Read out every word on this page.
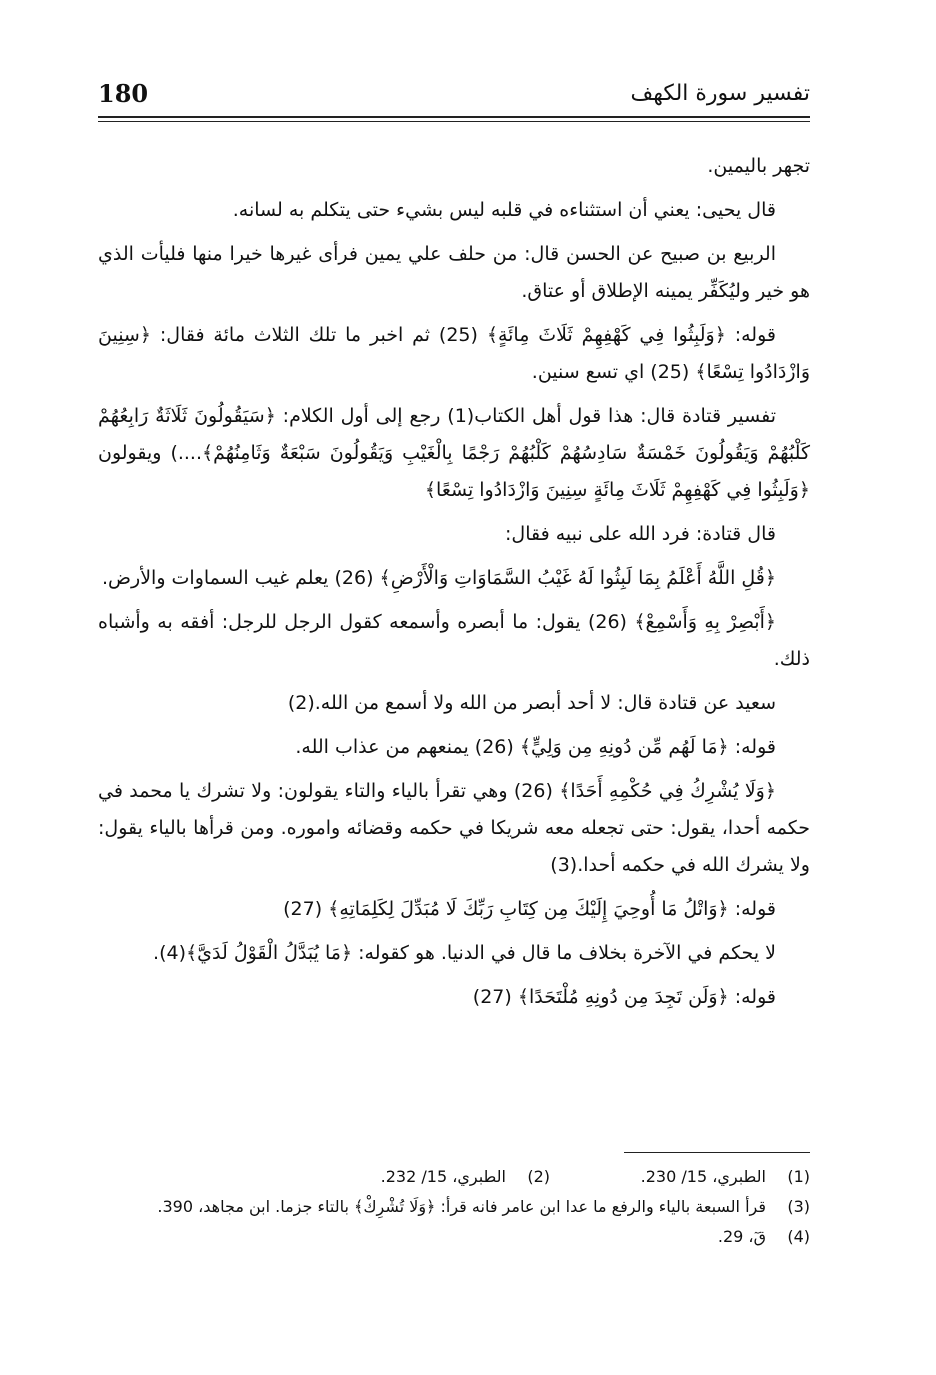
تفسير سورة الكهف
180

تجهر باليمين.

قال يحيى: يعني أن استثناءه في قلبه ليس بشيء حتى يتكلم به لسانه.

الربيع بن صبيح عن الحسن قال: من حلف علي يمين فرأى غيرها خيرا منها فليأت الذي هو خير وليُكَفِّر يمينه الإطلاق أو عتاق.

قوله: ﴿وَلَبِثُوا فِي كَهْفِهِمْ ثَلَاثَ مِائَةٍ﴾ (25) ثم اخبر ما تلك الثلاث مائة فقال: ﴿سِنِينَ وَازْدَادُوا تِسْعًا﴾ (25) اي تسع سنين.

تفسير قتادة قال: هذا قول أهل الكتاب(1) رجع إلى أول الكلام: ﴿سَيَقُولُونَ ثَلَاثَةٌ رَابِعُهُمْ كَلْبُهُمْ وَيَقُولُونَ خَمْسَةٌ سَادِسُهُمْ كَلْبُهُمْ رَجْمًا بِالْغَيْبِ وَيَقُولُونَ سَبْعَةٌ وَثَامِنُهُمْ﴾....) ويقولون ﴿وَلَبِثُوا فِي كَهْفِهِمْ ثَلَاثَ مِائَةٍ سِنِينَ وَازْدَادُوا تِسْعًا﴾

قال قتادة: فرد الله على نبيه فقال:

﴿قُلِ اللَّهُ أَعْلَمُ بِمَا لَبِثُوا لَهُ غَيْبُ السَّمَاوَاتِ وَالْأَرْضِ﴾ (26) يعلم غيب السماوات والأرض.

﴿أَبْصِرْ بِهِ وَأَسْمِعْ﴾ (26) يقول: ما أبصره وأسمعه كقول الرجل للرجل: أفقه به وأشباه ذلك.

سعيد عن قتادة قال: لا أحد أبصر من الله ولا أسمع من الله.(2)

قوله: ﴿مَا لَهُم مِّن دُونِهِ مِن وَلِيٍّ﴾ (26) يمنعهم من عذاب الله.

﴿وَلَا يُشْرِكُ فِي حُكْمِهِ أَحَدًا﴾ (26) وهي تقرأ بالياء والتاء يقولون: ولا تشرك يا محمد في حكمه أحدا، يقول: حتى تجعله معه شريكا في حكمه وقضائه واموره. ومن قرأها بالياء يقول: ولا يشرك الله في حكمه أحدا.(3)

قوله: ﴿وَاتْلُ مَا أُوحِيَ إِلَيْكَ مِن كِتَابِ رَبِّكَ لَا مُبَدِّلَ لِكَلِمَاتِهِ﴾ (27)

لا يحكم في الآخرة بخلاف ما قال في الدنيا. هو كقوله: ﴿مَا يُبَدَّلُ الْقَوْلُ لَدَيَّ﴾(4).

قوله: ﴿وَلَن تَجِدَ مِن دُونِهِ مُلْتَحَدًا﴾ (27)

(1)
الطبري، 15/ 230.
(2)
الطبري، 15/ 232.
(3)
قرأ السبعة بالياء والرفع ما عدا ابن عامر فانه قرأ: ﴿وَلَا تُشْرِكْ﴾ بالتاء جزما. ابن مجاهد، 390.
(4)
قٓ، 29.
